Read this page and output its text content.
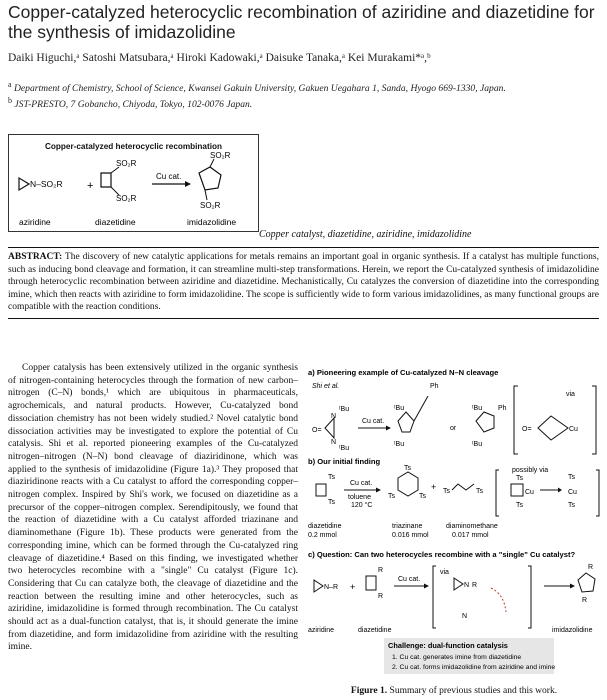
Copper-catalyzed heterocyclic recombination of aziridine and diazetidine for the synthesis of imidazolidine
Daiki Higuchi,ᵃ Satoshi Matsubara,ᵃ Hiroki Kadowaki,ᵃ Daisuke Tanaka,ᵃ Kei Murakami*ᵃ,ᵇ
$^a$ Department of Chemistry, School of Science, Kwansei Gakuin University, Gakuen Uegahara 1, Sanda, Hyogo 669-1330, Japan.
$^b$ JST-PRESTO, 7 Gobancho, Chiyoda, Tokyo, 102-0076 Japan.
Copper-catalyzed heterocyclic recombination
N–SO₂R +
SO₂R
SO₂R
Cu cat.
SO₂R
SO₂R
aziridine	diazetidine	imidazolidine
Copper catalyst, diazetidine, aziridine, imidazolidine
ABSTRACT: The discovery of new catalytic applications for metals remains an important goal in organic synthesis. If a catalyst has multiple functions, such as inducing bond cleavage and formation, it can streamline multi-step transformations. Herein, we report the Cu-catalyzed synthesis of imidazolidine through heterocyclic recombination between aziridine and diazetidine. Mechanistically, Cu catalyzes the conversion of diazetidine into the corresponding imine, which then reacts with aziridine to form imidazolidine. The scope is sufficiently wide to form various imidazolidines, as many functional groups are compatible with the reaction conditions.

Copper catalysis has been extensively utilized in the organic synthesis of nitrogen-containing heterocycles through the formation of new carbon–nitrogen (C–N) bonds,¹ which are ubiquitous in pharmaceuticals, agrochemicals, and natural products. However, Cu-catalyzed bond dissociation chemistry has not been widely studied.² Novel catalytic bond dissociation activities may be investigated to explore the potential of Cu catalysis. Shi et al. reported pioneering examples of the Cu-catalyzed nitrogen–nitrogen (N–N) bond cleavage of diaziridinone, which was applied to the synthesis of imidazolidine (Figure 1a).³ They proposed that diaziridinone reacts with a Cu catalyst to afford the corresponding copper–nitrogen complex. Inspired by Shi's work, we focused on diazetidine as a precursor of the copper–nitrogen complex. Serendipitously, we found that the reaction of diazetidine with a Cu catalyst afforded triazinane and diaminomethane (Figure 1b). These products were generated from the corresponding imine, which can be formed through the Cu-catalyzed ring cleavage of diazetidine.⁴ Based on this finding, we investigated whether two heterocycles recombine with a "single" Cu catalyst (Figure 1c). Considering that Cu can catalyze both, the cleavage of diazetidine and the reaction between the resulting imine and other heterocycles, such as aziridine, imidazolidine is formed through recombination. The Cu catalyst should act as a dual-function catalyst, that is, it should generate the imine from diazetidine, and form imidazolidine from aziridine with the resulting imine.

a) Pioneering example of Cu-catalyzed N–N cleavage
Shi et al.
O=
N
N
ᵗBu
ᵗBu
Cu cat.
Ph
ᵗBu
ᵗBu
or
ᵗBu
ᵗBu
Ph
via
O=	Cu
b) Our initial finding
Ts
Ts
Cu cat.
toluene
120 °C
Ts
Ts	Ts
+ Ts	Ts
possibly via
Cu
Ts
Ts
Cu
Ts
Ts
diazetidine
0.2 mmol
triazinane
0.016 mmol
diaminomethane
0.017 mmol
c) Question: Can two heterocycles recombine with a "single" Cu catalyst?
N–R +
R
R
Cu cat.
via
N R
N
R
R
aziridine	diazetidine	imidazolidine
Challenge: dual-function catalysis
1. Cu cat. generates imine from diazetidine
2. Cu cat. forms imidazolidine from aziridine and imine
Figure 1. Summary of previous studies and this work.
